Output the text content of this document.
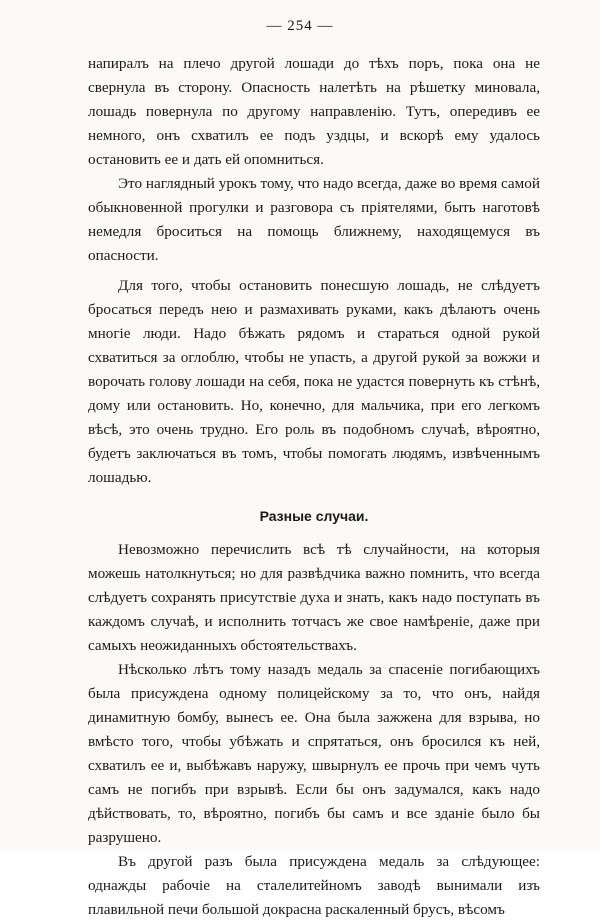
— 254 —

напиралъ на плечо другой лошади до тѣхъ поръ, пока она не свернула въ сторону. Опасность налетѣть на рѣшетку миновала, лошадь повернула по другому направленію. Тутъ, опередивъ ее немного, онъ схватилъ ее подъ уздцы, и вскорѣ ему удалось остановить ее и дать ей опомниться.

Это наглядный урокъ тому, что надо всегда, даже во время самой обыкновенной прогулки и разговора съ пріятелями, быть наготовѣ немедля броситься на помощь ближнему, находящемуся въ опасности.

Для того, чтобы остановить понесшую лошадь, не слѣдуетъ бросаться передъ нею и размахивать руками, какъ дѣлаютъ очень многіе люди. Надо бѣжать рядомъ и стараться одной рукой схватиться за оглоблю, чтобы не упасть, а другой рукой за вожжи и ворочать голову лошади на себя, пока не удастся повернуть къ стѣнѣ, дому или остановить. Но, конечно, для мальчика, при его легкомъ вѣсѣ, это очень трудно. Его роль въ подобномъ случаѣ, вѣроятно, будетъ заключаться въ томъ, чтобы помогать людямъ, извѣченнымъ лошадью.

Разные случаи.

Невозможно перечислить всѣ тѣ случайности, на которыя можешь натолкнуться; но для развѣдчика важно помнить, что всегда слѣдуетъ сохранять присутствіе духа и знать, какъ надо поступать въ каждомъ случаѣ, и исполнить тотчасъ же свое намѣреніе, даже при самыхъ неожиданныхъ обстоятельствахъ.

Нѣсколько лѣтъ тому назадъ медаль за спасеніе погибающихъ была присуждена одному полицейскому за то, что онъ, найдя динамитную бомбу, вынесъ ее. Она была зажжена для взрыва, но вмѣсто того, чтобы убѣжать и спрятаться, онъ бросился къ ней, схватилъ ее и, выбѣжавъ наружу, швырнулъ ее прочь при чемъ чуть самъ не погибъ при взрывѣ. Если бы онъ задумался, какъ надо дѣйствовать, то, вѣроятно, погибъ бы самъ и все зданіе было бы разрушено.

Въ другой разъ была присуждена медаль за слѣдующее: однажды рабочіе на сталелитейномъ заводѣ вынимали изъ плавильной печи большой докрасна раскаленный брусъ, вѣсомъ
